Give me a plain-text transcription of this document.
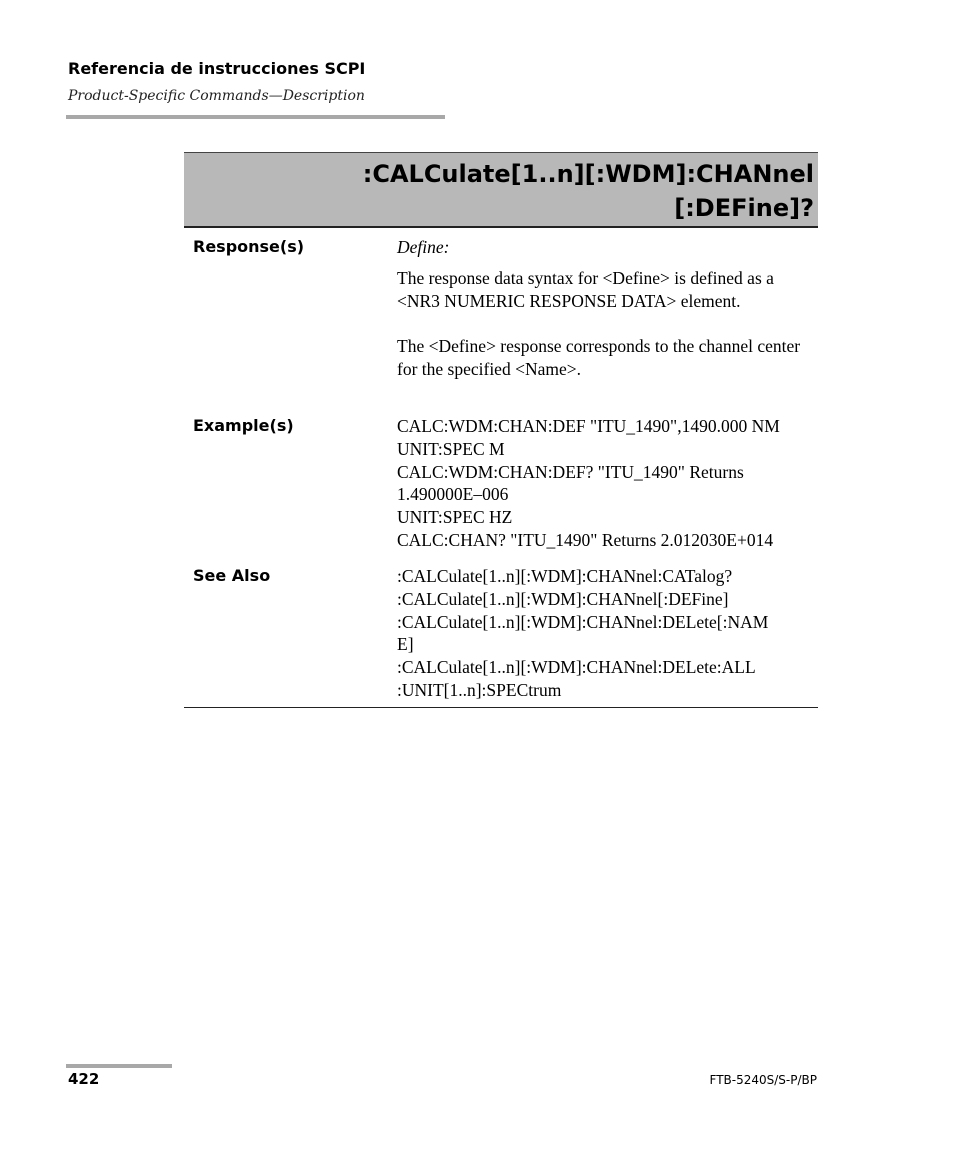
Referencia de instrucciones SCPI
Product-Specific Commands—Description
:CALCulate[1..n][:WDM]:CHANnel
[:DEFine]?
Response(s)	Define:

The response data syntax for <Define> is defined as a <NR3 NUMERIC RESPONSE DATA> element.

The <Define> response corresponds to the channel center for the specified <Name>.

Example(s)	CALC:WDM:CHAN:DEF "ITU_1490",1490.000 NM

UNIT:SPEC M

CALC:WDM:CHAN:DEF? "ITU_1490" Returns

1.490000E–006

UNIT:SPEC HZ

CALC:CHAN? "ITU_1490" Returns 2.012030E+014

See Also	:CALCulate[1..n][:WDM]:CHANnel:CATalog?

:CALCulate[1..n][:WDM]:CHANnel[:DEFine]

:CALCulate[1..n][:WDM]:CHANnel:DELete[:NAM

E]

:CALCulate[1..n][:WDM]:CHANnel:DELete:ALL

:UNIT[1..n]:SPECtrum

422	FTB-5240S/S-P/BP
